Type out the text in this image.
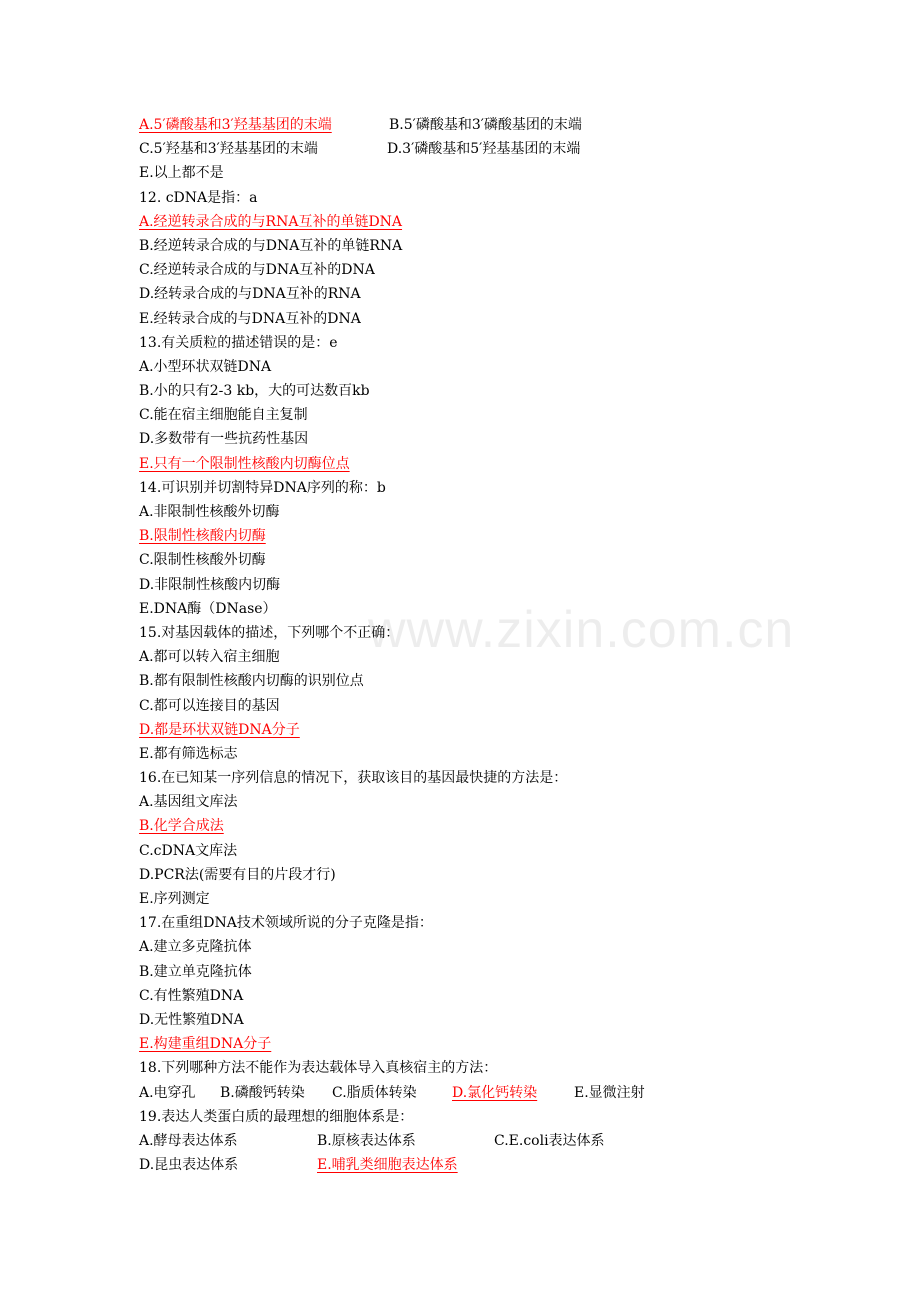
www.zixin.com.cn
A.5′磷酸基和3′羟基基团的末端	B.5′磷酸基和3′磷酸基团的末端
C.5′羟基和3′羟基基团的末端	D.3′磷酸基和5′羟基基团的末端
E.以上都不是
12. cDNA是指：a
A.经逆转录合成的与RNA互补的单链DNA
B.经逆转录合成的与DNA互补的单链RNA
C.经逆转录合成的与DNA互补的DNA
D.经转录合成的与DNA互补的RNA
E.经转录合成的与DNA互补的DNA
13.有关质粒的描述错误的是：e
A.小型环状双链DNA
B.小的只有2-3 kb，大的可达数百kb
C.能在宿主细胞能自主复制
D.多数带有一些抗药性基因
E.只有一个限制性核酸内切酶位点
14.可识别并切割特异DNA序列的称：b
A.非限制性核酸外切酶
B.限制性核酸内切酶
C.限制性核酸外切酶
D.非限制性核酸内切酶
E.DNA酶（DNase）
15.对基因载体的描述，下列哪个不正确：
A.都可以转入宿主细胞
B.都有限制性核酸内切酶的识别位点
C.都可以连接目的基因
D.都是环状双链DNA分子
E.都有筛选标志
16.在已知某一序列信息的情况下，获取该目的基因最快捷的方法是：
A.基因组文库法
B.化学合成法
C.cDNA文库法
D.PCR法(需要有目的片段才行)
E.序列测定
17.在重组DNA技术领域所说的分子克隆是指：
A.建立多克隆抗体
B.建立单克隆抗体
C.有性繁殖DNA
D.无性繁殖DNA
E.构建重组DNA分子
18.下列哪种方法不能作为表达载体导入真核宿主的方法：
A.电穿孔 B.磷酸钙转染 C.脂质体转染	D.氯化钙转染	E.显微注射
19.表达人类蛋白质的最理想的细胞体系是：
A.酵母表达体系	B.原核表达体系	C.E.coli表达体系
D.昆虫表达体系	E.哺乳类细胞表达体系
